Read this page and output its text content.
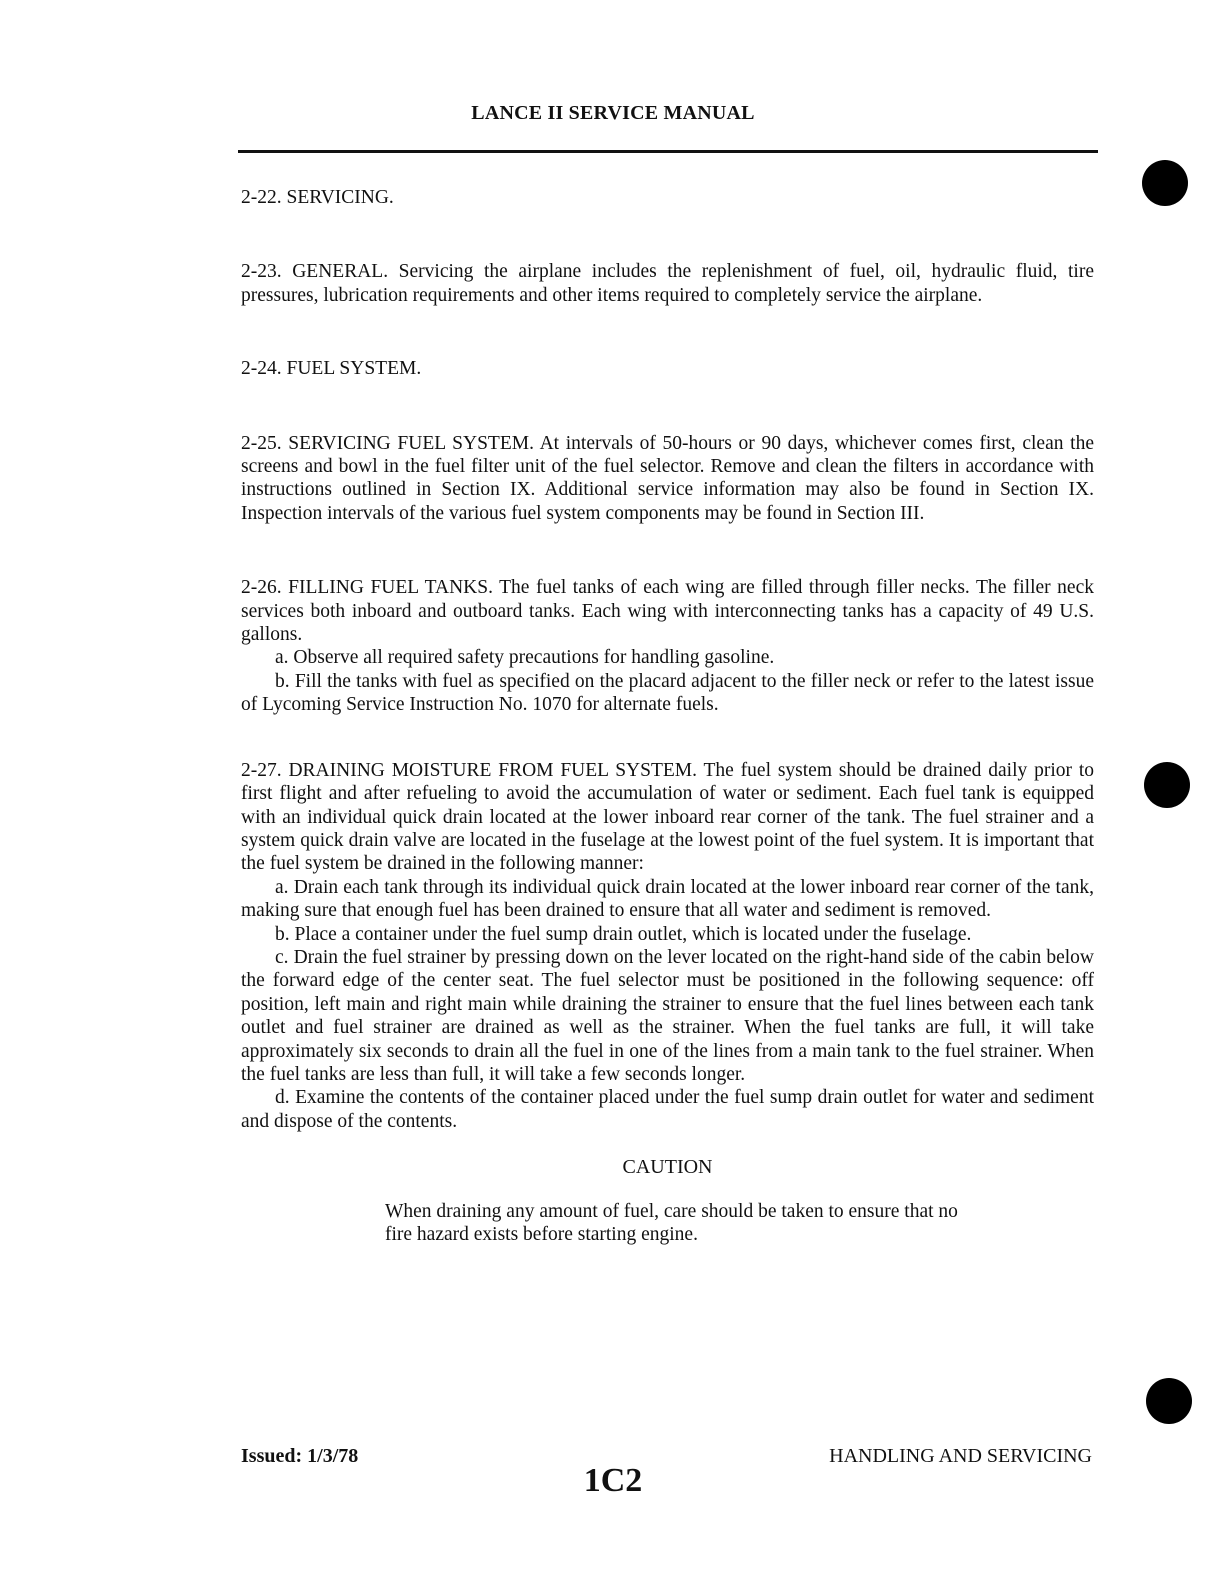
LANCE II SERVICE MANUAL

2-22. SERVICING.

2-23. GENERAL. Servicing the airplane includes the replenishment of fuel, oil, hydraulic fluid, tire pressures, lubrication requirements and other items required to completely service the airplane.

2-24. FUEL SYSTEM.

2-25. SERVICING FUEL SYSTEM. At intervals of 50-hours or 90 days, whichever comes first, clean the screens and bowl in the fuel filter unit of the fuel selector. Remove and clean the filters in accordance with instructions outlined in Section IX. Additional service information may also be found in Section IX. Inspection intervals of the various fuel system components may be found in Section III.

2-26. FILLING FUEL TANKS. The fuel tanks of each wing are filled through filler necks. The filler neck services both inboard and outboard tanks. Each wing with interconnecting tanks has a capacity of 49 U.S. gallons.

a. Observe all required safety precautions for handling gasoline.

b. Fill the tanks with fuel as specified on the placard adjacent to the filler neck or refer to the latest issue of Lycoming Service Instruction No. 1070 for alternate fuels.

2-27. DRAINING MOISTURE FROM FUEL SYSTEM. The fuel system should be drained daily prior to first flight and after refueling to avoid the accumulation of water or sediment. Each fuel tank is equipped with an individual quick drain located at the lower inboard rear corner of the tank. The fuel strainer and a system quick drain valve are located in the fuselage at the lowest point of the fuel system. It is important that the fuel system be drained in the following manner:

a. Drain each tank through its individual quick drain located at the lower inboard rear corner of the tank, making sure that enough fuel has been drained to ensure that all water and sediment is removed.

b. Place a container under the fuel sump drain outlet, which is located under the fuselage.

c. Drain the fuel strainer by pressing down on the lever located on the right-hand side of the cabin below the forward edge of the center seat. The fuel selector must be positioned in the following sequence: off position, left main and right main while draining the strainer to ensure that the fuel lines between each tank outlet and fuel strainer are drained as well as the strainer. When the fuel tanks are full, it will take approximately six seconds to drain all the fuel in one of the lines from a main tank to the fuel strainer. When the fuel tanks are less than full, it will take a few seconds longer.

d. Examine the contents of the container placed under the fuel sump drain outlet for water and sediment and dispose of the contents.

CAUTION

When draining any amount of fuel, care should be taken to ensure that no fire hazard exists before starting engine.

Issued: 1/3/78	HANDLING AND SERVICING
1C2
